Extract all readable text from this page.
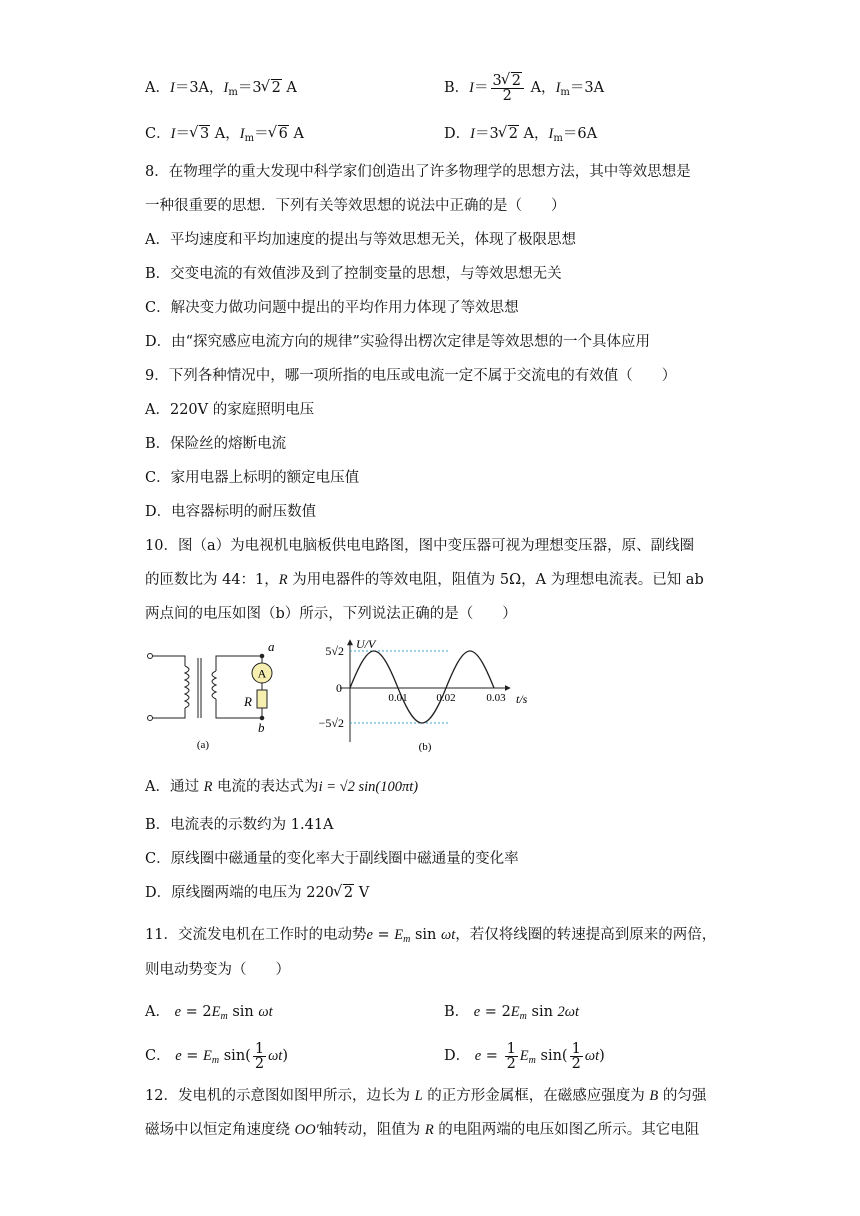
A．I＝3A，$I_m=3√$ 2 A	B．$I= \frac{3√ 2}{2}$ A，$I_m=3A$
C．I＝√ 3 A，$I_m=√$ 6 A	D．I＝3√ 2 A，$I_m=6A$
8．在物理学的重大发现中科学家们创造出了许多物理学的思想方法，其中等效思想是
一种很重要的思想．下列有关等效思想的说法中正确的是（　　）
A．平均速度和平均加速度的提出与等效思想无关，体现了极限思想
B．交变电流的有效值涉及到了控制变量的思想，与等效思想无关
C．解决变力做功问题中提出的平均作用力体现了等效思想
D．由“探究感应电流方向的规律”实验得出楞次定律是等效思想的一个具体应用
9．下列各种情况中，哪一项所指的电压或电流一定不属于交流电的有效值（　　）
A．220V 的家庭照明电压
B．保险丝的熔断电流
C．家用电器上标明的额定电压值
D．电容器标明的耐压数值
10．图（a）为电视机电脑板供电电路图，图中变压器可视为理想变压器，原、副线圈
的匝数比为 44：1，R 为用电器件的等效电阻，阻值为 5Ω，A 为理想电流表。已知 ab
两点间的电压如图（b）所示，下列说法正确的是（　　）
A
R
a
b
(a)
U/V
t/s
5√2
−5√2
0
0.01	0.02	0.03
(b)
A．通过 R 电流的表达式为i = √2 sin(100πt)
B．电流表的示数约为 1.41A
C．原线圈中磁通量的变化率大于副线圈中磁通量的变化率
D．原线圈两端的电压为 220√ 2 V
11．交流发电机在工作时的电动势$e = E_m$ sin ωt，若仅将线圈的转速提高到原来的两倍，
则电动势变为（　　）
A． $e = 2E_m$ sin ωt	B． $e = 2E_m$ sin 2ωt
C． $e = E_m$ $\sin( \frac{1}{2} \omega t)$	D． $e = \frac{1}{2} E_m$ $\sin( \frac{1}{2} \omega t)$
12．发电机的示意图如图甲所示，边长为 L 的正方形金属框，在磁感应强度为 B 的匀强
磁场中以恒定角速度绕 OO′轴转动，阻值为 R 的电阻两端的电压如图乙所示。其它电阻
